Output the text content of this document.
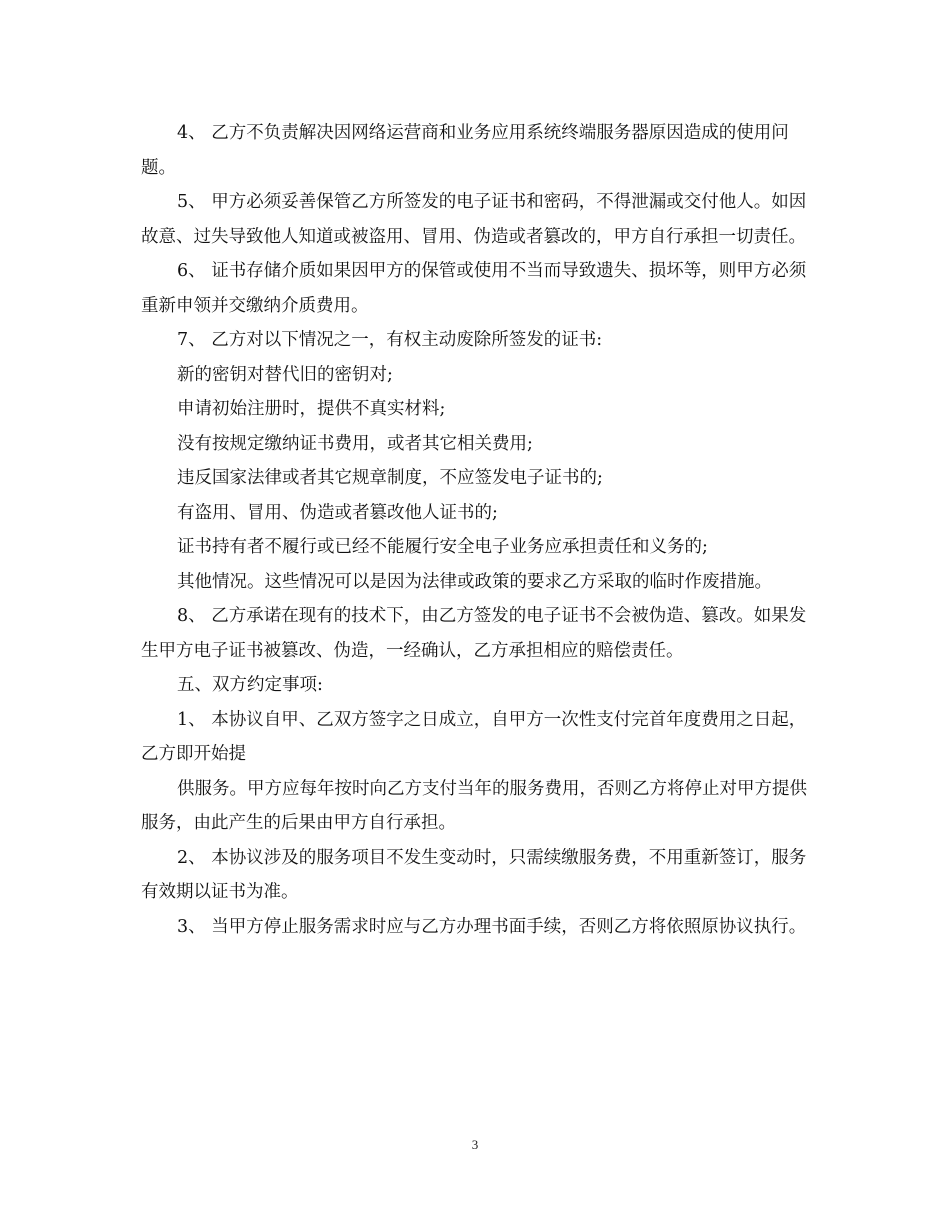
4、 乙方不负责解决因网络运营商和业务应用系统终端服务器原因造成的使用问题。

5、 甲方必须妥善保管乙方所签发的电子证书和密码，不得泄漏或交付他人。如因故意、过失导致他人知道或被盗用、冒用、伪造或者篡改的，甲方自行承担一切责任。

6、 证书存储介质如果因甲方的保管或使用不当而导致遗失、损坏等，则甲方必须重新申领并交缴纳介质费用。

7、 乙方对以下情况之一，有权主动废除所签发的证书:

新的密钥对替代旧的密钥对;

申请初始注册时，提供不真实材料;

没有按规定缴纳证书费用，或者其它相关费用;

违反国家法律或者其它规章制度，不应签发电子证书的;

有盗用、冒用、伪造或者篡改他人证书的;

证书持有者不履行或已经不能履行安全电子业务应承担责任和义务的;

其他情况。这些情况可以是因为法律或政策的要求乙方采取的临时作废措施。

8、 乙方承诺在现有的技术下，由乙方签发的电子证书不会被伪造、篡改。如果发生甲方电子证书被篡改、伪造，一经确认，乙方承担相应的赔偿责任。

五、双方约定事项:

1、 本协议自甲、乙双方签字之日成立，自甲方一次性支付完首年度费用之日起，乙方即开始提

供服务。甲方应每年按时向乙方支付当年的服务费用，否则乙方将停止对甲方提供服务，由此产生的后果由甲方自行承担。

2、 本协议涉及的服务项目不发生变动时，只需续缴服务费，不用重新签订，服务有效期以证书为准。

3、 当甲方停止服务需求时应与乙方办理书面手续，否则乙方将依照原协议执行。

3
